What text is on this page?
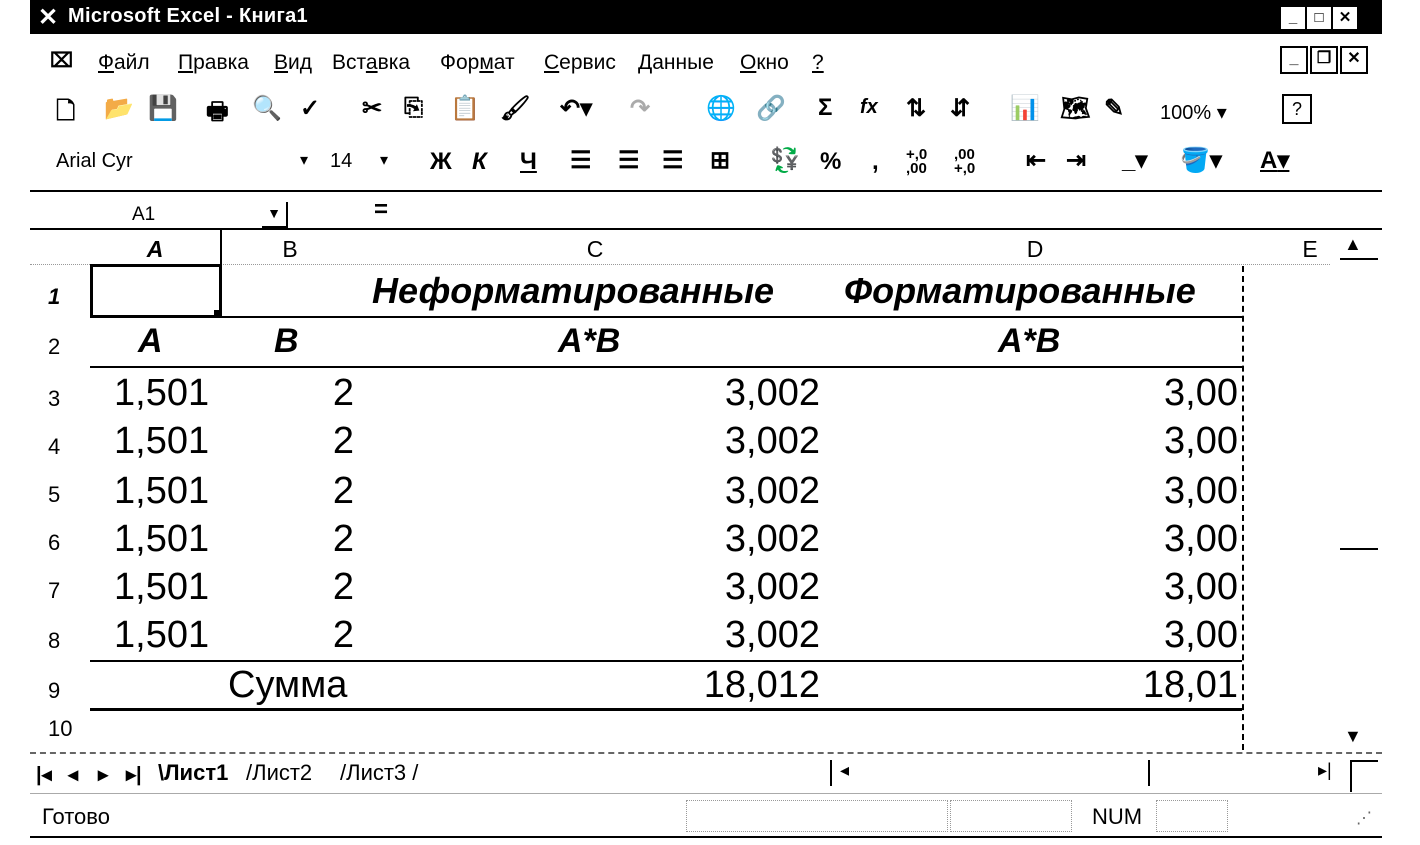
✕ Microsoft Excel - Книга1	_	□	✕
⌧ Файл Правка Вид Вставка Формат Сервис Данные Окно ?	_	❐	✕
🗋 📂 💾 🖶 🔍 ✓ ✂ ⎘ 📋 🖌 ↶▾ ↷ 🌐 🔗 Σ fx ⇅ ⇵ 📊 🗺 ✎ 100% ▾	?
Arial Cyr	▾ 14 ▾ Ж К Ч ☰ ☰ ☰ ⊞ 💱 % , +,0 ,00
,00 +,0	⇤ ⇥ _▾ 🪣▾ А▾
A1	▼	=
A	B	C	D	E
1
2
3
4
5
6
7
8
9
10
Неформатированные Форматированные
A	B	A*B	A*B
1,501	2	3,002	3,00
1,501	2	3,002	3,00
1,501	2	3,002	3,00
1,501	2	3,002	3,00
1,501	2	3,002	3,00
1,501	2	3,002	3,00
Сумма	18,012	18,01
▲
▼
|◂ ◂ ▸ ▸| \Лист1 /Лист2 /Лист3 /	◂	▸|
Готово	NUM	⋰
